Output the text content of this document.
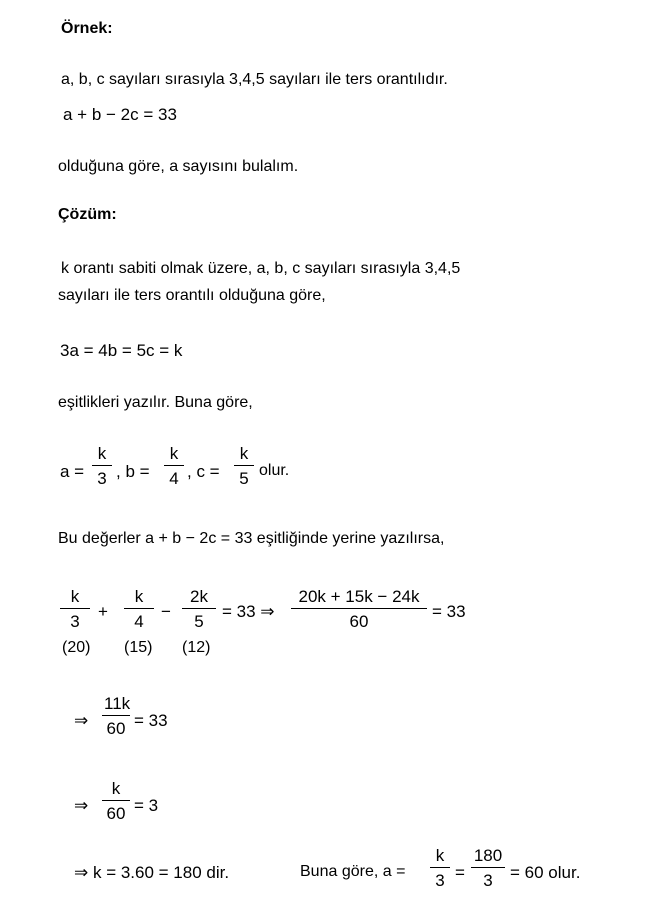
Örnek:
a, b, c sayıları sırasıyla 3,4,5 sayıları ile ters orantılıdır.
a + b − 2c = 33
olduğuna göre, a sayısını bulalım.
Çözüm:
k orantı sabiti olmak üzere, a, b, c sayıları sırasıyla 3,4,5
sayıları ile ters orantılı olduğuna göre,
3a = 4b = 5c = k
eşitlikleri yazılır. Buna göre,
a =
k
3 , b =
k
4 , c =
k
5 olur.
Bu değerler a + b − 2c = 33 eşitliğinde yerine yazılırsa,
k
3
+
k
4
−
2k
5
= 33 ⇒
20k + 15k − 24k
60
= 33
(20) (15) (12)
⇒
11k
60 = 33
⇒
k
60 = 3
⇒ k = 3.60 = 180 dir.	Buna göre, a =
k
3 =
180
3	= 60 olur.
